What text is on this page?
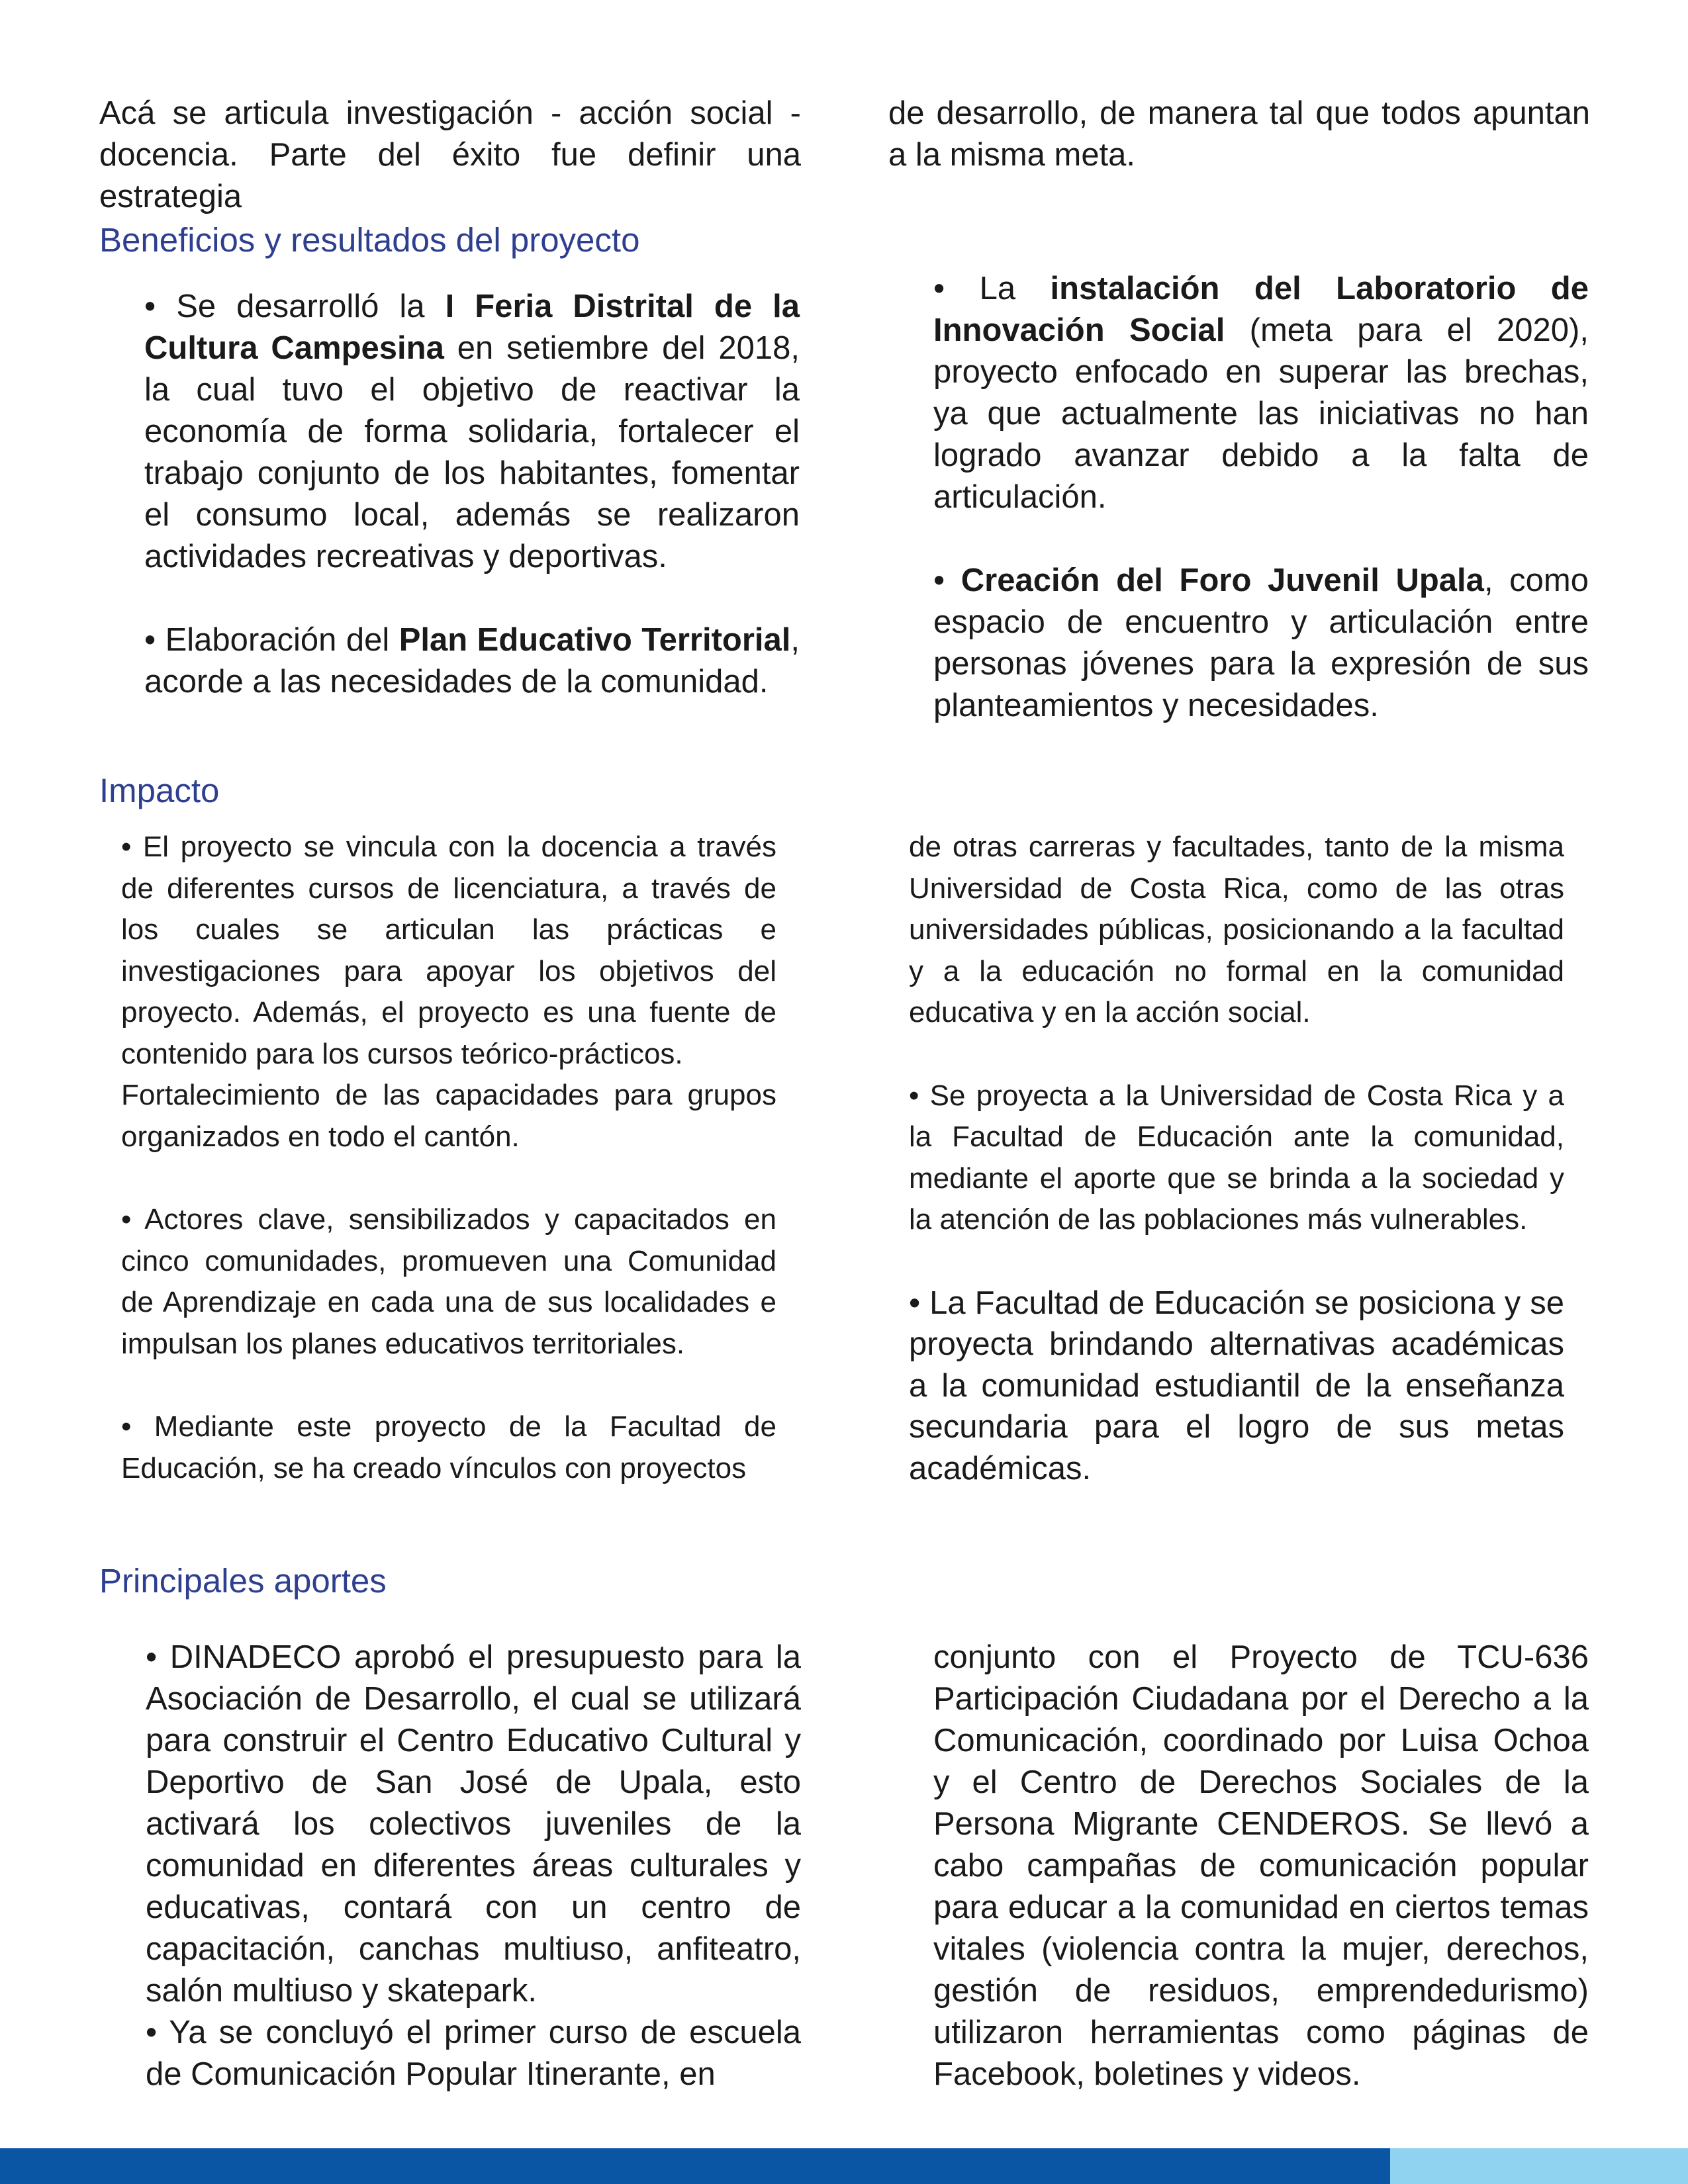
Acá se articula investigación - acción social - docencia. Parte del éxito fue definir una estrategia

de desarrollo, de manera tal que todos apuntan a la misma meta.

Beneficios y resultados del proyecto

• Se desarrolló la I Feria Distrital de la Cultura Campesina en setiembre del 2018, la cual tuvo el objetivo de reactivar la economía de forma solidaria, fortalecer el trabajo conjunto de los habitantes, fomentar el consumo local, además se realizaron actividades recreativas y deportivas.

• Elaboración del Plan Educativo Territorial, acorde a las necesidades de la comunidad.

• La instalación del Laboratorio de Innovación Social (meta para el 2020), proyecto enfocado en superar las brechas, ya que actualmente las iniciativas no han logrado avanzar debido a la falta de articulación.

• Creación del Foro Juvenil Upala, como espacio de encuentro y articulación entre personas jóvenes para la expresión de sus planteamientos y necesidades.

Impacto

• El proyecto se vincula con la docencia a través de diferentes cursos de licenciatura, a través de los cuales se articulan las prácticas e investigaciones para apoyar los objetivos del proyecto. Además, el proyecto es una fuente de contenido para los cursos teórico-prácticos.

Fortalecimiento de las capacidades para grupos organizados en todo el cantón.

• Actores clave, sensibilizados y capacitados en cinco comunidades, promueven una Comunidad de Aprendizaje en cada una de sus localidades e impulsan los planes educativos territoriales.

• Mediante este proyecto de la Facultad de Educación, se ha creado vínculos con proyectos

de otras carreras y facultades, tanto de la misma Universidad de Costa Rica, como de las otras universidades públicas, posicionando a la facultad y a la educación no formal en la comunidad educativa y en la acción social.

• Se proyecta a la Universidad de Costa Rica y a la Facultad de Educación ante la comunidad, mediante el aporte que se brinda a la sociedad y la atención de las poblaciones más vulnerables.

• La Facultad de Educación se posiciona y se proyecta brindando alternativas académicas a la comunidad estudiantil de la enseñanza secundaria para el logro de sus metas académicas.

Principales aportes

• DINADECO aprobó el presupuesto para la Asociación de Desarrollo, el cual se utilizará para construir el Centro Educativo Cultural y Deportivo de San José de Upala, esto activará los colectivos juveniles de la comunidad en diferentes áreas culturales y educativas, contará con un centro de capacitación, canchas multiuso, anfiteatro, salón multiuso y skatepark.

• Ya se concluyó el primer curso de escuela de Comunicación Popular Itinerante, en

conjunto con el Proyecto de TCU-636 Participación Ciudadana por el Derecho a la Comunicación, coordinado por Luisa Ochoa y el Centro de Derechos Sociales de la Persona Migrante CENDEROS. Se llevó a cabo campañas de comunicación popular para educar a la comunidad en ciertos temas vitales (violencia contra la mujer, derechos, gestión de residuos, emprendedurismo) utilizaron herramientas como páginas de Facebook, boletines y videos.
